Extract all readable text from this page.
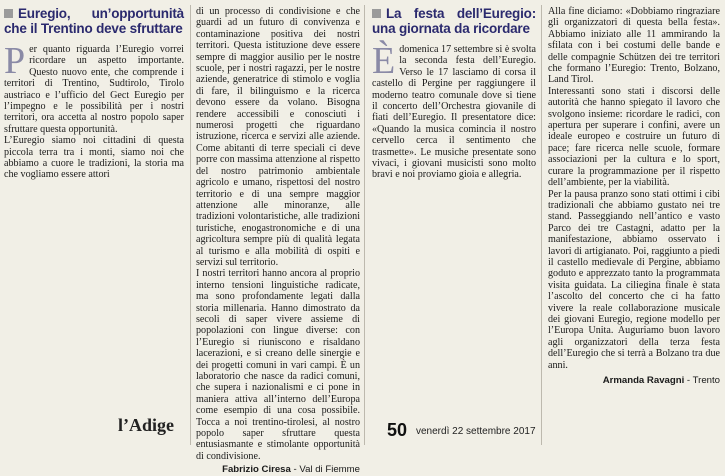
Euregio, un’opportunità che il Trentino deve sfruttare
P er quanto riguarda l’Euregio vorrei ricordare un aspetto importante. Questo nuovo ente, che comprende i territori di Trentino, Sudtirolo, Tirolo austriaco e l’ufficio del Gect Euregio per l’impegno e le possibilità per i nostri territori, ora accetta al nostro popolo saper sfruttare questa opportunità.

L’Euregio siamo noi cittadini di questa piccola terra tra i monti, siamo noi che abbiamo a cuore le tradizioni, la storia ma che vogliamo essere attori

di un processo di condivisione e che guardi ad un futuro di convivenza e contaminazione positiva dei nostri territori. Questa istituzione deve essere sempre di maggior ausilio per le nostre scuole, per i nostri ragazzi, per le nostre aziende, generatrice di stimolo e voglia di fare, il bilinguismo e la ricerca devono essere da volano. Bisogna rendere accessibili e conosciuti i numerosi progetti che riguardano istruzione, ricerca e servizi alle aziende. Come abitanti di terre speciali ci deve porre con massima attenzione al rispetto del nostro patrimonio ambientale agricolo e umano, rispettosi del nostro territorio e di una sempre maggior attenzione alle minoranze, alle tradizioni volontaristiche, alle tradizioni turistiche, enogastronomiche e di una agricoltura sempre più di qualità legata al turismo e alla mobilità di ospiti e servizi sul territorio.

I nostri territori hanno ancora al proprio interno tensioni linguistiche radicate, ma sono profondamente legati dalla storia millenaria. Hanno dimostrato da secoli di saper vivere assieme di popolazioni con lingue diverse: con l’Euregio si riuniscono e risaldano lacerazioni, e si creano delle sinergie e dei progetti comuni in vari campi. È un laboratorio che nasce da radici comuni, che supera i nazionalismi e ci pone in maniera attiva all’interno dell’Europa come esempio di una cosa possibile. Tocca a noi trentino-tirolesi, al nostro popolo saper sfruttare questa entusiasmante e stimolante opportunità di condivisione.

Fabrizio Ciresa - Val di Fiemme
La festa dell’Euregio: una giornata da ricordare
È domenica 17 settembre si è svolta la seconda festa dell’Euregio. Verso le 17 lasciamo di corsa il castello di Pergine per raggiungere il moderno teatro comunale dove si tiene il concerto dell’Orchestra giovanile di fiati dell’Euregio. Il presentatore dice: «Quando la musica comincia il nostro cervello cerca il sentimento che trasmette». Le musiche presentate sono vivaci, i giovani musicisti sono molto bravi e noi proviamo gioia e allegria.

Alla fine diciamo: «Dobbiamo ringraziare gli organizzatori di questa bella festa». Abbiamo iniziato alle 11 ammirando la sfilata con i bei costumi delle bande e delle compagnie Schützen dei tre territori che formano l’Euregio: Trento, Bolzano, Land Tirol.

Interessanti sono stati i discorsi delle autorità che hanno spiegato il lavoro che svolgono insieme: ricordare le radici, con apertura per superare i confini, avere un ideale europeo e costruire un futuro di pace; fare ricerca nelle scuole, formare associazioni per la cultura e lo sport, curare la programmazione per il rispetto dell’ambiente, per la viabilità.

Per la pausa pranzo sono stati ottimi i cibi tradizionali che abbiamo gustato nei tre stand. Passeggiando nell’antico e vasto Parco dei tre Castagni, adatto per la manifestazione, abbiamo osservato i lavori di artigianato. Poi, raggiunto a piedi il castello medievale di Pergine, abbiamo goduto e apprezzato tanto la programmata visita guidata. La ciliegina finale è stata l’ascolto del concerto che ci ha fatto vivere la reale collaborazione musicale dei giovani Euregio, regione modello per l’Europa Unita. Auguriamo buon lavoro agli organizzatori della terza festa dell’Euregio che si terrà a Bolzano tra due anni.

Armanda Ravagni - Trento
l’Adige	50 venerdì 22 settembre 2017
